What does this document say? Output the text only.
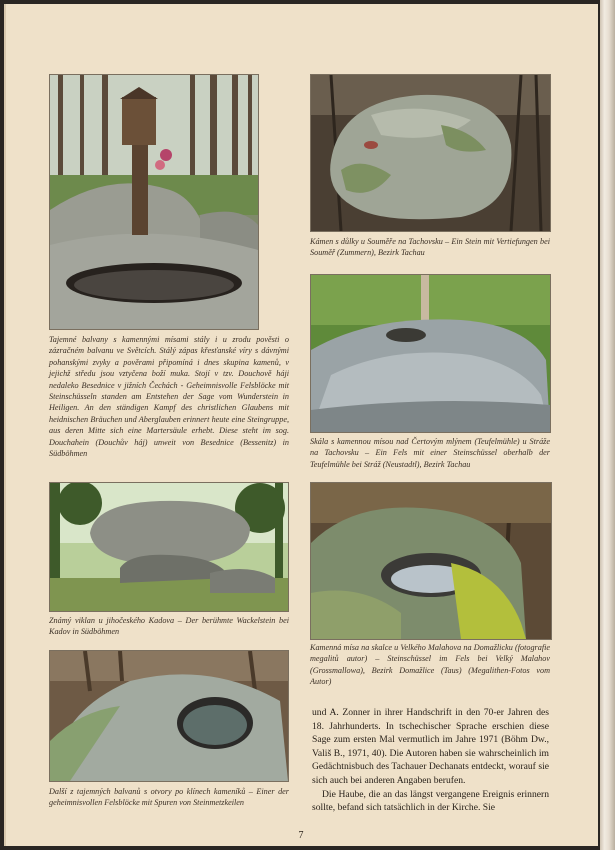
Kámen s důlky u Souměře na Tachovsku – Ein Stein mit Vertiefungen bei Souměř (Zummern), Bezirk Tachau

Tajemné balvany s kamennými mísami stály i u zrodu pověsti o zázračném balvanu ve Světcích. Stálý zápas křesťanské víry s dávnými pohanskými zvyky a pověrami připomíná i dnes skupina kamenů, v jejichž středu jsou vztyčena boží muka. Stojí v tzv. Douchově háji nedaleko Besednice v jižních Čechách - Geheimnisvolle Felsblöcke mit Steinschüsseln standen am Entstehen der Sage vom Wunderstein in Heiligen. An den ständigen Kampf des christlichen Glaubens mit heidnischen Bräuchen und Aberglauben erinnert heute eine Steingruppe, aus deren Mitte sich eine Martersäule erhebt. Diese steht im sog. Douchahein (Douchův háj) unweit von Besednice (Bessenitz) in Südböhmen

Skála s kamennou mísou nad Čertovým mlýnem (Teufelmühle) u Stráže na Tachovsku – Ein Fels mit einer Steinschüssel oberhalb der Teufelmühle bei Stráž (Neustadtl), Bezirk Tachau

Známý viklan u jihočeského Kadova – Der berühmte Wackelstein bei Kadov in Südböhmen

Kamenná mísa na skalce u Velkého Malahova na Domažlicku (fotografie megalitů autor) – Steinschüssel im Fels bei Velký Malahov (Grossmallowa), Bezirk Domažlice (Taus) (Megalithen-Fotos vom Autor)

Další z tajemných balvanů s otvory po klínech kameníků – Einer der geheimnisvollen Felsblöcke mit Spuren von Steinmetzkeilen

und A. Zonner in ihrer Handschrift in den 70-er Jahren des 18. Jahrhunderts. In tschechischer Sprache erschien diese Sage zum ersten Mal vermutlich im Jahre 1971 (Böhm Dw., Vališ B., 1971, 40). Die Autoren haben sie wahrscheinlich im Gedächtnisbuch des Tachauer Dechanats entdeckt, worauf sie sich auch bei anderen Angaben berufen.

Die Haube, die an das längst vergangene Ereignis erinnern sollte, befand sich tatsächlich in der Kirche. Sie

7
